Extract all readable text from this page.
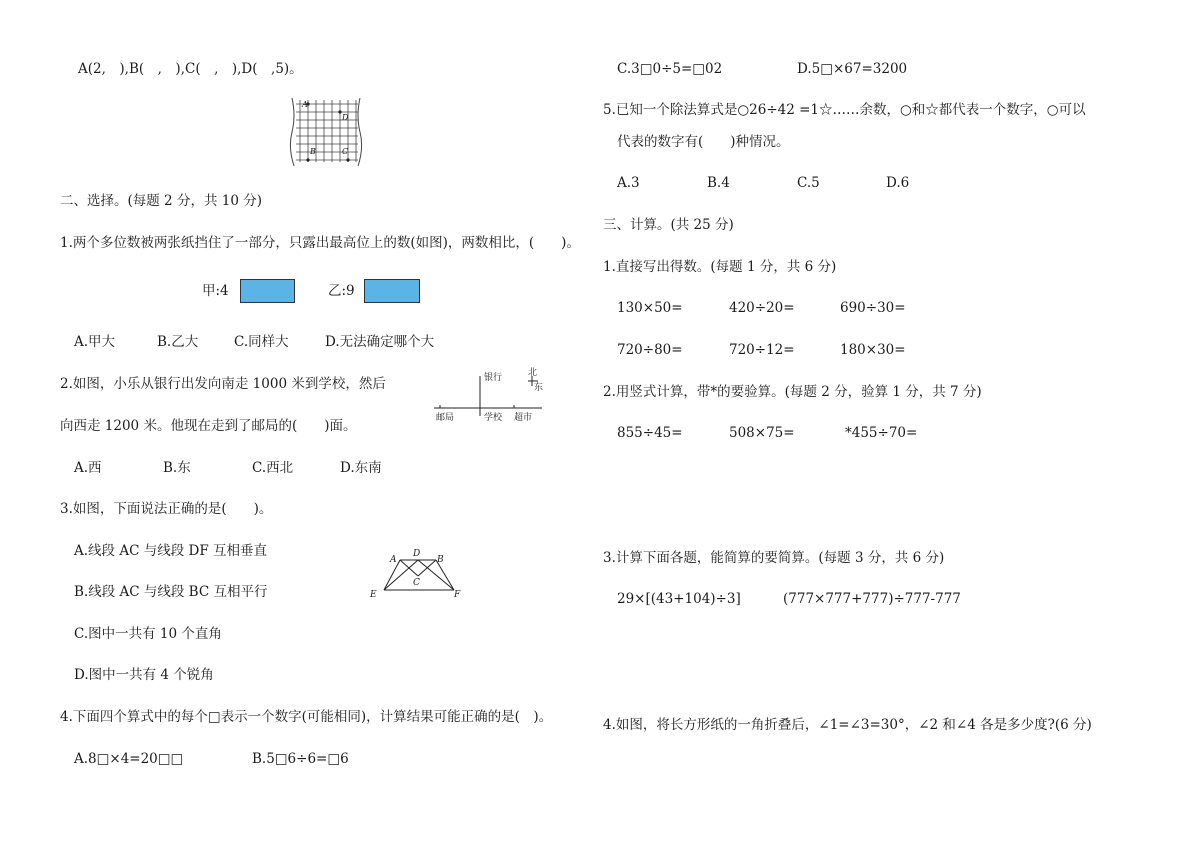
A(2,　),B(　,　),C(　,　),D(　,5)。
A
D
B	C
二、选择。(每题 2 分，共 10 分)
1.两个多位数被两张纸挡住了一部分，只露出最高位上的数(如图)，两数相比，(　　)。
甲:4	乙:9
A.甲大	B.乙大	C.同样大	D.无法确定哪个大
2.如图，小乐从银行出发向南走 1000 米到学校，然后
向西走 1200 米。他现在走到了邮局的(　　)面。
银行	北
东
邮局	学校 超市
A.西	B.东	C.西北	D.东南
3.如图，下面说法正确的是(　　)。
A.线段 AC 与线段 DF 互相垂直
B.线段 AC 与线段 BC 互相平行
C.图中一共有 10 个直角
D.图中一共有 4 个锐角
A
D
B
C
E	F
4.下面四个算式中的每个□表示一个数字(可能相同)，计算结果可能正确的是(　)。
A.8□×4=20□□	B.5□6÷6=□6
C.3□0÷5=□02	D.5□×67=3200
5.已知一个除法算式是○26÷42 =1☆……余数，○和☆都代表一个数字，○可以
代表的数字有(　　)种情况。
A.3	B.4	C.5	D.6
三、计算。(共 25 分)
1.直接写出得数。(每题 1 分，共 6 分)
130×50=	420÷20=	690÷30=
720÷80=	720÷12=	180×30=
2.用竖式计算，带*的要验算。(每题 2 分，验算 1 分，共 7 分)
855÷45=	508×75=	*455÷70=
3.计算下面各题，能简算的要简算。(每题 3 分，共 6 分)
29×[(43+104)÷3]	(777×777+777)÷777-777
4.如图，将长方形纸的一角折叠后，∠1=∠3=30°，∠2 和∠4 各是多少度?(6 分)
